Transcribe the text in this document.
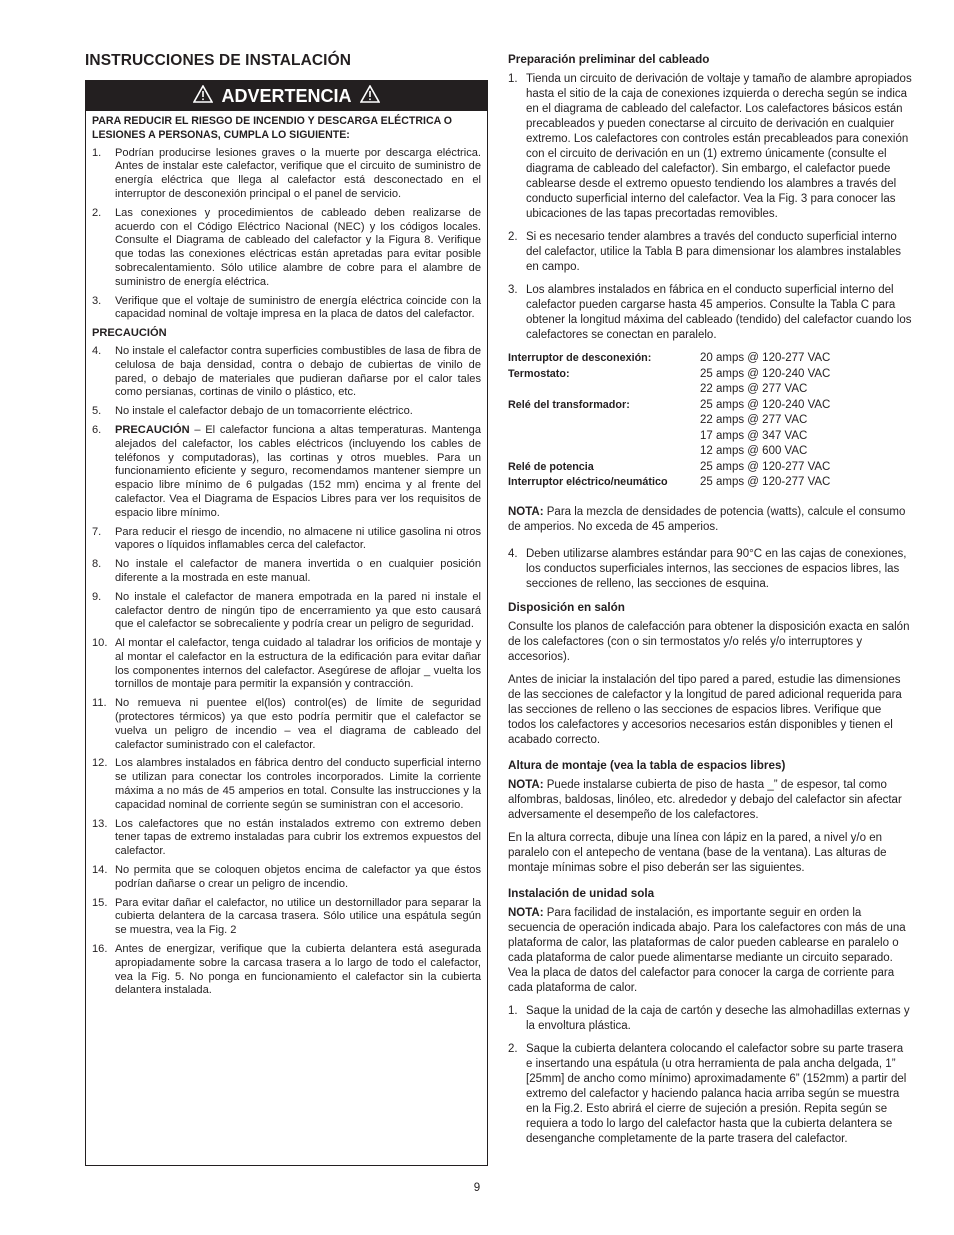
INSTRUCCIONES DE INSTALACIÓN
ADVERTENCIA

PARA REDUCIR EL RIESGO DE INCENDIO Y DESCARGA ELÉCTRICA O LESIONES A PERSONAS, CUMPLA LO SIGUIENTE:

1.	Podrían producirse lesiones graves o la muerte por descarga eléctrica. Antes de instalar este calefactor, verifique que el circuito de suministro de energía eléctrica que llega al calefactor está desconectado en el interruptor de desconexión principal o el panel de servicio.
2.	Las conexiones y procedimientos de cableado deben realizarse de acuerdo con el Código Eléctrico Nacional (NEC) y los códigos locales. Consulte el Diagrama de cableado del calefactor y la Figura 8. Verifique que todas las conexiones eléctricas están apretadas para evitar posible sobrecalentamiento. Sólo utilice alambre de cobre para el alambre de suministro de energía eléctrica.
3.	Verifique que el voltaje de suministro de energía eléctrica coincide con la capacidad nominal de voltaje impresa en la placa de datos del calefactor.
PRECAUCIÓN
4.	No instale el calefactor contra superficies combustibles de lasa de fibra de celulosa de baja densidad, contra o debajo de cubiertas de vinilo de pared, o debajo de materiales que pudieran dañarse por el calor tales como persianas, cortinas de vinilo o plástico, etc.
5.	No instale el calefactor debajo de un tomacorriente eléctrico.
6.	PRECAUCIÓN – El calefactor funciona a altas temperaturas. Mantenga alejados del calefactor, los cables eléctricos (incluyendo los cables de teléfonos y computadoras), las cortinas y otros muebles. Para un funcionamiento eficiente y seguro, recomendamos mantener siempre un espacio libre mínimo de 6 pulgadas (152 mm) encima y al frente del calefactor. Vea el Diagrama de Espacios Libres para ver los requisitos de espacio libre mínimo.
7.	Para reducir el riesgo de incendio, no almacene ni utilice gasolina ni otros vapores o líquidos inflamables cerca del calefactor.
8.	No instale el calefactor de manera invertida o en cualquier posición diferente a la mostrada en este manual.
9.	No instale el calefactor de manera empotrada en la pared ni instale el calefactor dentro de ningún tipo de encerramiento ya que esto causará que el calefactor se sobrecaliente y podría crear un peligro de seguridad.
10. Al montar el calefactor, tenga cuidado al taladrar los orificios de montaje y al montar el calefactor en la estructura de la edificación para evitar dañar los componentes internos del calefactor. Asegúrese de aflojar _ vuelta los tornillos de montaje para permitir la expansión y contracción.
11. No remueva ni puentee el(los) control(es) de límite de seguridad (protectores térmicos) ya que esto podría permitir que el calefactor se vuelva un peligro de incendio – vea el diagrama de cableado del calefactor suministrado con el calefactor.
12. Los alambres instalados en fábrica dentro del conducto superficial interno se utilizan para conectar los controles incorporados. Limite la corriente máxima a no más de 45 amperios en total. Consulte las instrucciones y la capacidad nominal de corriente según se suministran con el accesorio.
13. Los calefactores que no están instalados extremo con extremo deben tener tapas de extremo instaladas para cubrir los extremos expuestos del calefactor.
14. No permita que se coloquen objetos encima de calefactor ya que éstos podrían dañarse o crear un peligro de incendio.
15. Para evitar dañar el calefactor, no utilice un destornillador para separar la cubierta delantera de la carcasa trasera. Sólo utilice una espátula según se muestra, vea la Fig. 2
16. Antes de energizar, verifique que la cubierta delantera está asegurada apropiadamente sobre la carcasa trasera a lo largo de todo el calefactor, vea la Fig. 5. No ponga en funcionamiento el calefactor sin la cubierta delantera instalada.
Preparación preliminar del cableado
1. Tienda un circuito de derivación de voltaje y tamaño de alambre apropiados hasta el sitio de la caja de conexiones izquierda o derecha según se indica en el diagrama de cableado del calefactor. Los calefactores básicos están precableados y pueden conectarse al circuito de derivación en cualquier extremo. Los calefactores con controles están precableados para conexión con el circuito de derivación en un (1) extremo únicamente (consulte el diagrama de cableado del calefactor). Sin embargo, el calefactor puede cablearse desde el extremo opuesto tendiendo los alambres a través del conducto superficial interno del calefactor. Vea la Fig. 3 para conocer las ubicaciones de las tapas precortadas removibles.
2. Si es necesario tender alambres a través del conducto superficial interno del calefactor, utilice la Tabla B para dimensionar los alambres instalables en campo.
3. Los alambres instalados en fábrica en el conducto superficial interno del calefactor pueden cargarse hasta 45 amperios. Consulte la Tabla C para obtener la longitud máxima del cableado (tendido) del calefactor cuando los calefactores se conectan en paralelo.
Interruptor de desconexión:	20 amps @ 120-277 VAC
Termostato:	25 amps @ 120-240 VAC
	22 amps @ 277 VAC
Relé del transformador:	25 amps @ 120-240 VAC
	22 amps @ 277 VAC
	17 amps @ 347 VAC
	12 amps @ 600 VAC
Relé de potencia	25 amps @ 120-277 VAC
Interruptor eléctrico/neumático	25 amps @ 120-277 VAC

NOTA: Para la mezcla de densidades de potencia (watts), calcule el consumo de amperios. No exceda de 45 amperios.

4. Deben utilizarse alambres estándar para 90°C en las cajas de conexiones, los conductos superficiales internos, las secciones de espacios libres, las secciones de relleno, las secciones de esquina.
Disposición en salón

Consulte los planos de calefacción para obtener la disposición exacta en salón de los calefactores (con o sin termostatos y/o relés y/o interruptores y accesorios).

Antes de iniciar la instalación del tipo pared a pared, estudie las dimensiones de las secciones de calefactor y la longitud de pared adicional requerida para las secciones de relleno o las secciones de espacios libres. Verifique que todos los calefactores y accesorios necesarios están disponibles y tienen el acabado correcto.

Altura de montaje (vea la tabla de espacios libres)

NOTA: Puede instalarse cubierta de piso de hasta _” de espesor, tal como alfombras, baldosas, linóleo, etc. alrededor y debajo del calefactor sin afectar adversamente el desempeño de los calefactores.

En la altura correcta, dibuje una línea con lápiz en la pared, a nivel y/o en paralelo con el antepecho de ventana (base de la ventana). Las alturas de montaje mínimas sobre el piso deberán ser las siguientes.

Instalación de unidad sola

NOTA: Para facilidad de instalación, es importante seguir en orden la secuencia de operación indicada abajo. Para los calefactores con más de una plataforma de calor, las plataformas de calor pueden cablearse en paralelo o cada plataforma de calor puede alimentarse mediante un circuito separado. Vea la placa de datos del calefactor para conocer la carga de corriente para cada plataforma de calor.

1. Saque la unidad de la caja de cartón y deseche las almohadillas externas y la envoltura plástica.
2. Saque la cubierta delantera colocando el calefactor sobre su parte trasera e insertando una espátula (u otra herramienta de pala ancha delgada, 1” [25mm] de ancho como mínimo) aproximadamente 6” (152mm) a partir del extremo del calefactor y haciendo palanca hacia arriba según se muestra en la Fig.2. Esto abrirá el cierre de sujeción a presión. Repita según se requiera a todo lo largo del calefactor hasta que la cubierta delantera se desenganche completamente de la parte trasera del calefactor.
9
